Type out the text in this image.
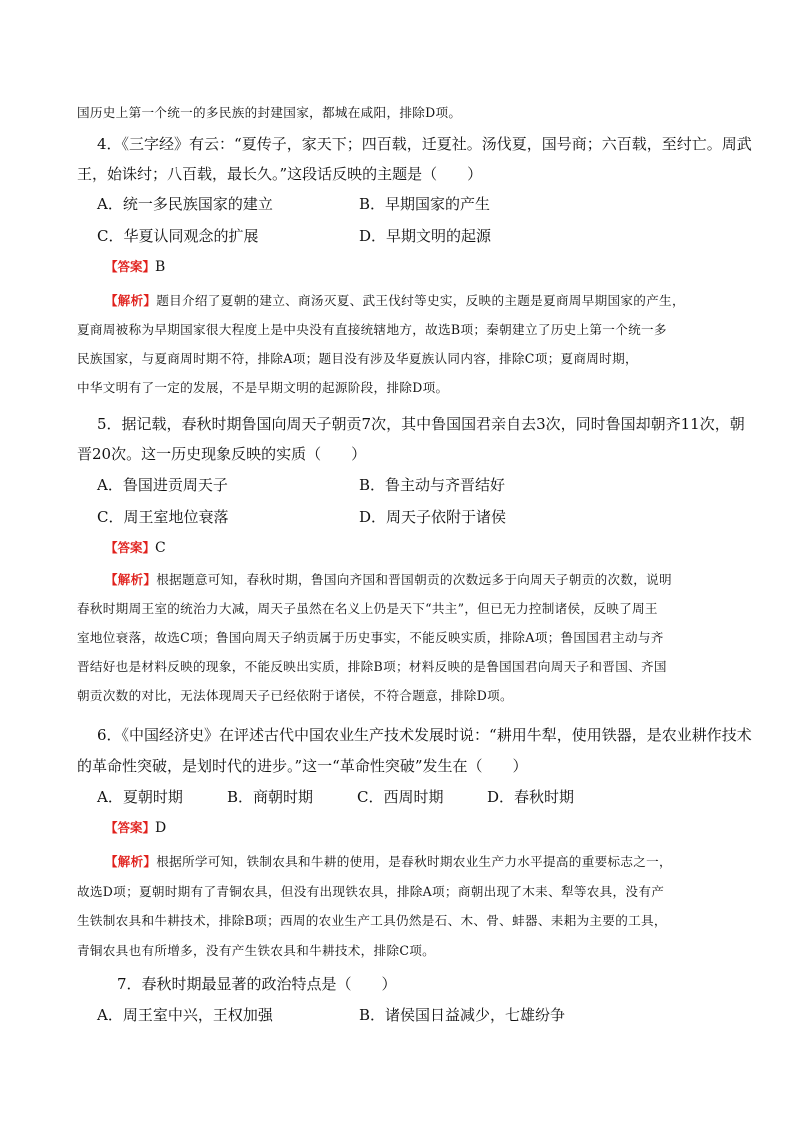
国历史上第一个统一的多民族的封建国家，都城在咸阳，排除D项。
4．《三字经》有云：“夏传子，家天下；四百载，迁夏社。汤伐夏，国号商；六百载，至纣亡。周武
王，始诛纣；八百载，最长久。”这段话反映的主题是（　　）
A．统一多民族国家的建立	B．早期国家的产生
C．华夏认同观念的扩展	D．早期文明的起源
【答案】B
【解析】题目介绍了夏朝的建立、商汤灭夏、武王伐纣等史实，反映的主题是夏商周早期国家的产生，
夏商周被称为早期国家很大程度上是中央没有直接统辖地方，故选B项；秦朝建立了历史上第一个统一多
民族国家，与夏商周时期不符，排除A项；题目没有涉及华夏族认同内容，排除C项；夏商周时期，
中华文明有了一定的发展，不是早期文明的起源阶段，排除D项。
5．据记载，春秋时期鲁国向周天子朝贡7次，其中鲁国国君亲自去3次，同时鲁国却朝齐11次，朝
晋20次。这一历史现象反映的实质（　　）
A．鲁国进贡周天子	B．鲁主动与齐晋结好
C．周王室地位衰落	D．周天子依附于诸侯
【答案】C
【解析】根据题意可知，春秋时期，鲁国向齐国和晋国朝贡的次数远多于向周天子朝贡的次数，说明
春秋时期周王室的统治力大减，周天子虽然在名义上仍是天下“共主”，但已无力控制诸侯，反映了周王
室地位衰落，故选C项；鲁国向周天子纳贡属于历史事实，不能反映实质，排除A项；鲁国国君主动与齐
晋结好也是材料反映的现象，不能反映出实质，排除B项；材料反映的是鲁国国君向周天子和晋国、齐国
朝贡次数的对比，无法体现周天子已经依附于诸侯，不符合题意，排除D项。
6．《中国经济史》在评述古代中国农业生产技术发展时说：“耕用牛犁，使用铁器，是农业耕作技术
的革命性突破，是划时代的进步。”这一“革命性突破”发生在（　　）
A．夏朝时期	B．商朝时期	C．西周时期	D．春秋时期
【答案】D
【解析】根据所学可知，铁制农具和牛耕的使用，是春秋时期农业生产力水平提高的重要标志之一，
故选D项；夏朝时期有了青铜农具，但没有出现铁农具，排除A项；商朝出现了木耒、犁等农具，没有产
生铁制农具和牛耕技术，排除B项；西周的农业生产工具仍然是石、木、骨、蚌器、耒耜为主要的工具，
青铜农具也有所增多，没有产生铁农具和牛耕技术，排除C项。
7．春秋时期最显著的政治特点是（　　）
A．周王室中兴，王权加强	B．诸侯国日益减少，七雄纷争
